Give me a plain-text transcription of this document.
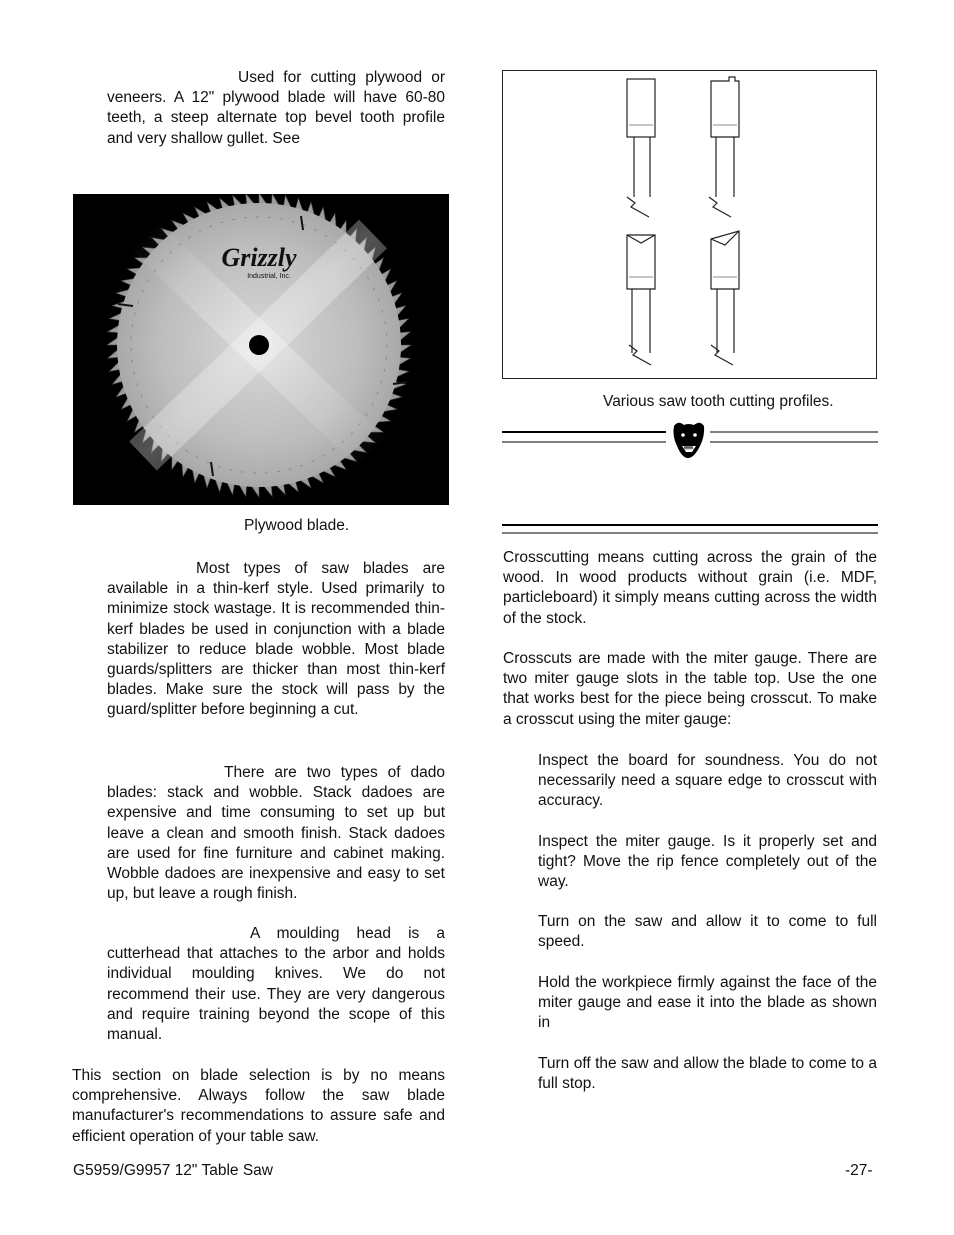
Used for cutting plywood or veneers. A 12" plywood blade will have 60-80 teeth, a steep alternate top bevel tooth profile and very shallow gullet. See

Grizzly
Industrial, Inc.
Plywood blade.

Most types of saw blades are available in a thin-kerf style. Used primarily to minimize stock wastage. It is recommended thin-kerf blades be used in conjunction with a blade stabilizer to reduce blade wobble. Most blade guards/splitters are thicker than most thin-kerf blades. Make sure the stock will pass by the guard/splitter before beginning a cut.

There are two types of dado blades: stack and wobble. Stack dadoes are expensive and time consuming to set up but leave a clean and smooth finish. Stack dadoes are used for fine furniture and cabinet making. Wobble dadoes are inexpensive and easy to set up, but leave a rough finish.

A moulding head is a cutterhead that attaches to the arbor and holds individual moulding knives. We do not recommend their use. They are very dangerous and require training beyond the scope of this manual.

This section on blade selection is by no means comprehensive. Always follow the saw blade manufacturer's recommendations to assure safe and efficient operation of your table saw.

Various saw tooth cutting profiles.

Crosscutting means cutting across the grain of the wood. In wood products without grain (i.e. MDF, particleboard) it simply means cutting across the width of the stock.

Crosscuts are made with the miter gauge. There are two miter gauge slots in the table top. Use the one that works best for the piece being crosscut. To make a crosscut using the miter gauge:

Inspect the board for soundness. You do not necessarily need a square edge to crosscut with accuracy.

Inspect the miter gauge. Is it properly set and tight? Move the rip fence completely out of the way.

Turn on the saw and allow it to come to full speed.

Hold the workpiece firmly against the face of the miter gauge and ease it into the blade as shown in

Turn off the saw and allow the blade to come to a full stop.

G5959/G9957 12" Table Saw	-27-
